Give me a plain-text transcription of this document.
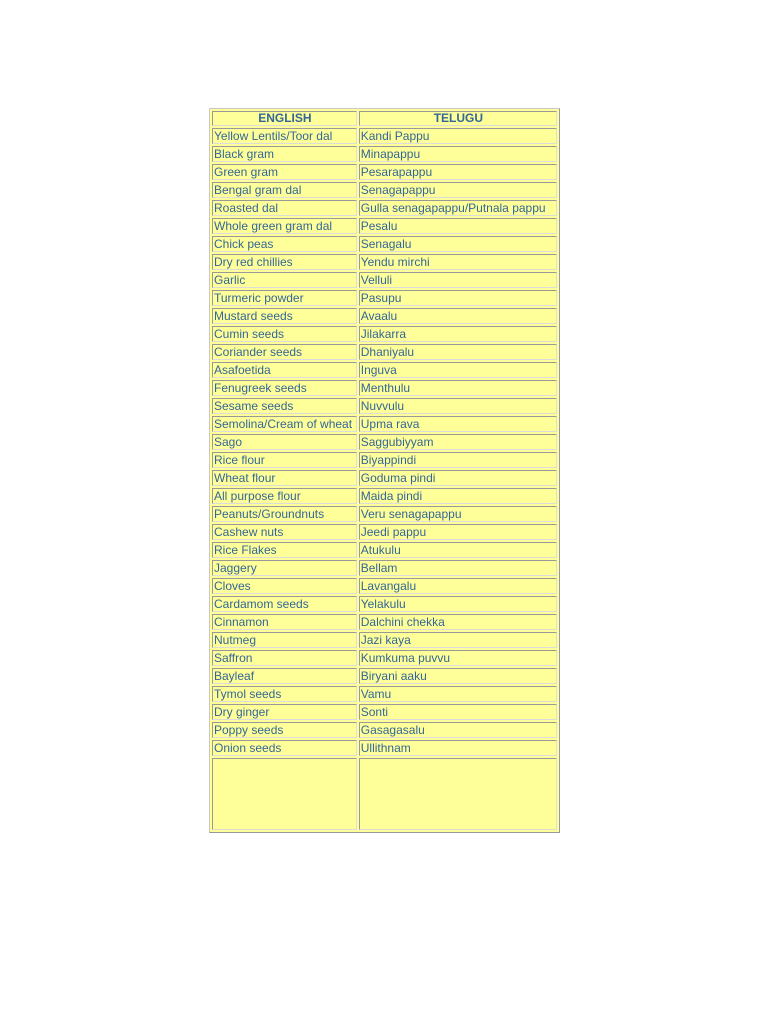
ENGLISH	TELUGU
Yellow Lentils/Toor dal	Kandi Pappu
Black gram	Minapappu
Green gram	Pesarapappu
Bengal gram dal	Senagapappu
Roasted dal	Gulla senagapappu/Putnala pappu
Whole green gram dal	Pesalu
Chick peas	Senagalu
Dry red chillies	Yendu mirchi
Garlic	Velluli
Turmeric powder	Pasupu
Mustard seeds	Avaalu
Cumin seeds	Jilakarra
Coriander seeds	Dhaniyalu
Asafoetida	Inguva
Fenugreek seeds	Menthulu
Sesame seeds	Nuvvulu
Semolina/Cream of wheat	Upma rava
Sago	Saggubiyyam
Rice flour	Biyappindi
Wheat flour	Goduma pindi
All purpose flour	Maida pindi
Peanuts/Groundnuts	Veru senagapappu
Cashew nuts	Jeedi pappu
Rice Flakes	Atukulu
Jaggery	Bellam
Cloves	Lavangalu
Cardamom seeds	Yelakulu
Cinnamon	Dalchini chekka
Nutmeg	Jazi kaya
Saffron	Kumkuma puvvu
Bayleaf	Biryani aaku
Tymol seeds	Vamu
Dry ginger	Sonti
Poppy seeds	Gasagasalu
Onion seeds	Ullithnam
